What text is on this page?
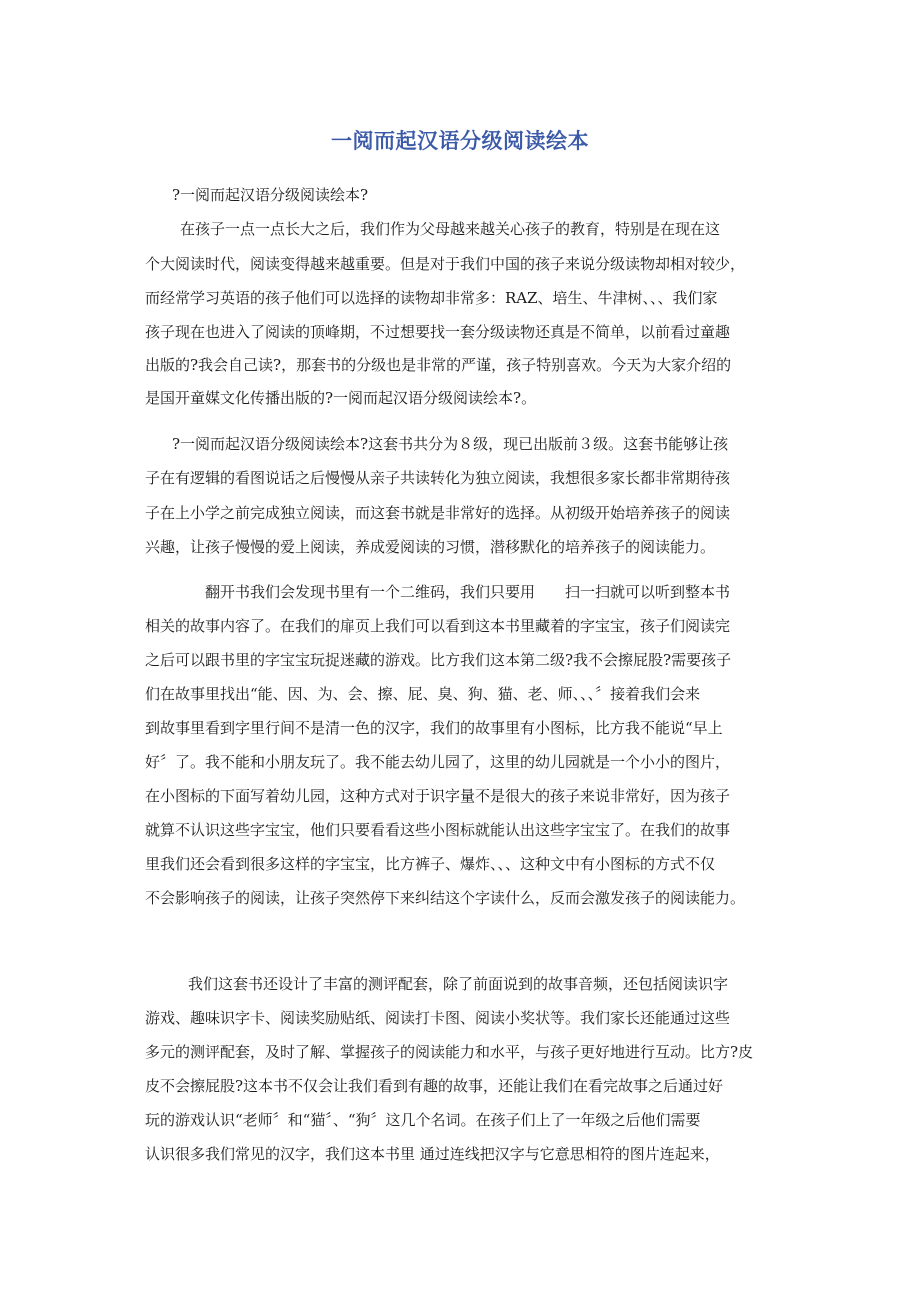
一阅而起汉语分级阅读绘本
?一阅而起汉语分级阅读绘本?
在孩子一点一点长大之后，我们作为父母越来越关心孩子的教育，特别是在现在这
个大阅读时代，阅读变得越来越重要。但是对于我们中国的孩子来说分级读物却相对较少，
而经常学习英语的孩子他们可以选择的读物却非常多：RAZ、培生、牛津树、、、我们家
孩子现在也进入了阅读的顶峰期，不过想要找一套分级读物还真是不简单，以前看过童趣
出版的?我会自己读?，那套书的分级也是非常的严谨，孩子特别喜欢。今天为大家介绍的
是国开童媒文化传播出版的?一阅而起汉语分级阅读绘本?。
?一阅而起汉语分级阅读绘本?这套书共分为８级，现已出版前３级。这套书能够让孩
子在有逻辑的看图说话之后慢慢从亲子共读转化为独立阅读，我想很多家长都非常期待孩
子在上小学之前完成独立阅读，而这套书就是非常好的选择。从初级开始培养孩子的阅读
兴趣，让孩子慢慢的爱上阅读，养成爱阅读的习惯，潜移默化的培养孩子的阅读能力。
翻开书我们会发现书里有一个二维码，我们只要用　　扫一扫就可以听到整本书
相关的故事内容了。在我们的扉页上我们可以看到这本书里藏着的字宝宝，孩子们阅读完
之后可以跟书里的字宝宝玩捉迷藏的游戏。比方我们这本第二级?我不会擦屁股?需要孩子
们在故事里找出“能、因、为、会、擦、屁、臭、狗、猫、老、师、、、〞接着我们会来
到故事里看到字里行间不是清一色的汉字，我们的故事里有小图标，比方我不能说“早上
好〞了。我不能和小朋友玩了。我不能去幼儿园了，这里的幼儿园就是一个小小的图片，
在小图标的下面写着幼儿园，这种方式对于识字量不是很大的孩子来说非常好，因为孩子
就算不认识这些字宝宝，他们只要看看这些小图标就能认出这些字宝宝了。在我们的故事
里我们还会看到很多这样的字宝宝，比方裤子、爆炸、、、这种文中有小图标的方式不仅
不会影响孩子的阅读，让孩子突然停下来纠结这个字读什么，反而会激发孩子的阅读能力。
我们这套书还设计了丰富的测评配套，除了前面说到的故事音频，还包括阅读识字
游戏、趣味识字卡、阅读奖励贴纸、阅读打卡图、阅读小奖状等。我们家长还能通过这些
多元的测评配套，及时了解、掌握孩子的阅读能力和水平，与孩子更好地进行互动。比方?皮
皮不会擦屁股?这本书不仅会让我们看到有趣的故事，还能让我们在看完故事之后通过好
玩的游戏认识“老师〞和“猫〞、“狗〞这几个名词。在孩子们上了一年级之后他们需要
认识很多我们常见的汉字，我们这本书里 通过连线把汉字与它意思相符的图片连起来，
